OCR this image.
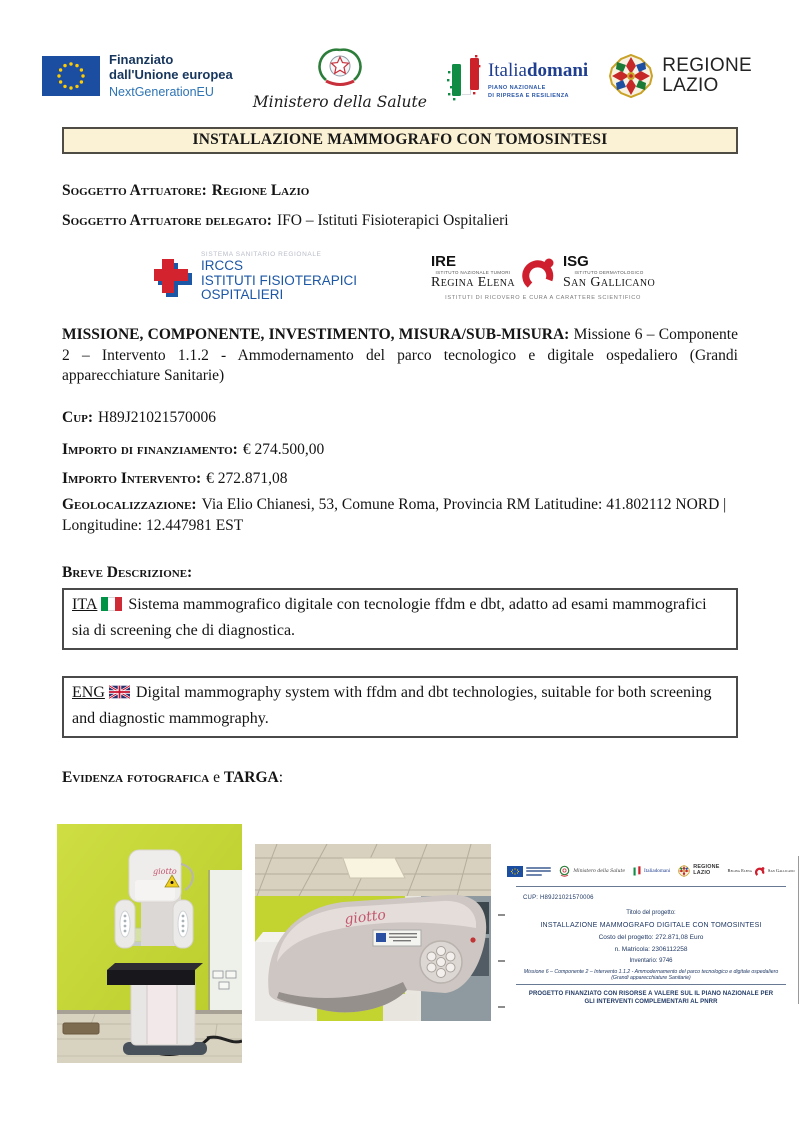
Finanziato
dall'Unione europea
NextGenerationEU
Ministero della Salute
Italiadomani
PIANO NAZIONALE
DI RIPRESA E RESILIENZA
REGIONE
LAZIO
INSTALLAZIONE MAMMOGRAFO CON TOMOSINTESI

Soggetto Attuatore: Regione Lazio

Soggetto Attuatore delegato: IFO – Istituti Fisioterapici Ospitalieri

SISTEMA SANITARIO REGIONALE
IRCCS
ISTITUTI FISIOTERAPICI
OSPITALIERI
IRE
ISTITUTO NAZIONALE TUMORI
Regina Elena
ISG
ISTITUTO DERMATOLOGICO
San Gallicano
ISTITUTI DI RICOVERO E CURA A CARATTERE SCIENTIFICO

MISSIONE, COMPONENTE, INVESTIMENTO, MISURA/SUB-MISURA: Missione 6 – Componente 2 – Intervento 1.1.2 - Ammodernamento del parco tecnologico e digitale ospedaliero (Grandi apparecchiature Sanitarie)

Cup: H89J21021570006

Importo di finanziamento: € 274.500,00

Importo Intervento: € 272.871,08

Geolocalizzazione: Via Elio Chianesi, 53, Comune Roma, Provincia RM Latitudine: 41.802112 NORD | Longitudine: 12.447981 EST

Breve Descrizione:

ITA Sistema mammografico digitale con tecnologie ffdm e dbt, adatto ad esami mammografici sia di screening che di diagnostica.
ENG Digital mammography system with ffdm and dbt technologies, suitable for both screening and diagnostic mammography.

Evidenza fotografica e TARGA:

giotto
giotto
Ministero della Salute	Italiadomani
REGIONE
LAZIO	Regina Elena	San Gallicano
CUP: H89J21021570006
Titolo del progetto:
INSTALLAZIONE MAMMOGRAFO DIGITALE CON TOMOSINTESI
Costo del progetto: 272.871,08 Euro
n. Matricola: 2306112258
Inventario: 9746
Missione 6 – Componente 2 – Intervento 1.1.2 - Ammodernamento del parco tecnologico e digitale ospedaliero (Grandi apparecchiature Sanitarie)
PROGETTO FINANZIATO CON RISORSE A VALERE SUL IL PIANO NAZIONALE PER GLI INTERVENTI COMPLEMENTARI AL PNRR
